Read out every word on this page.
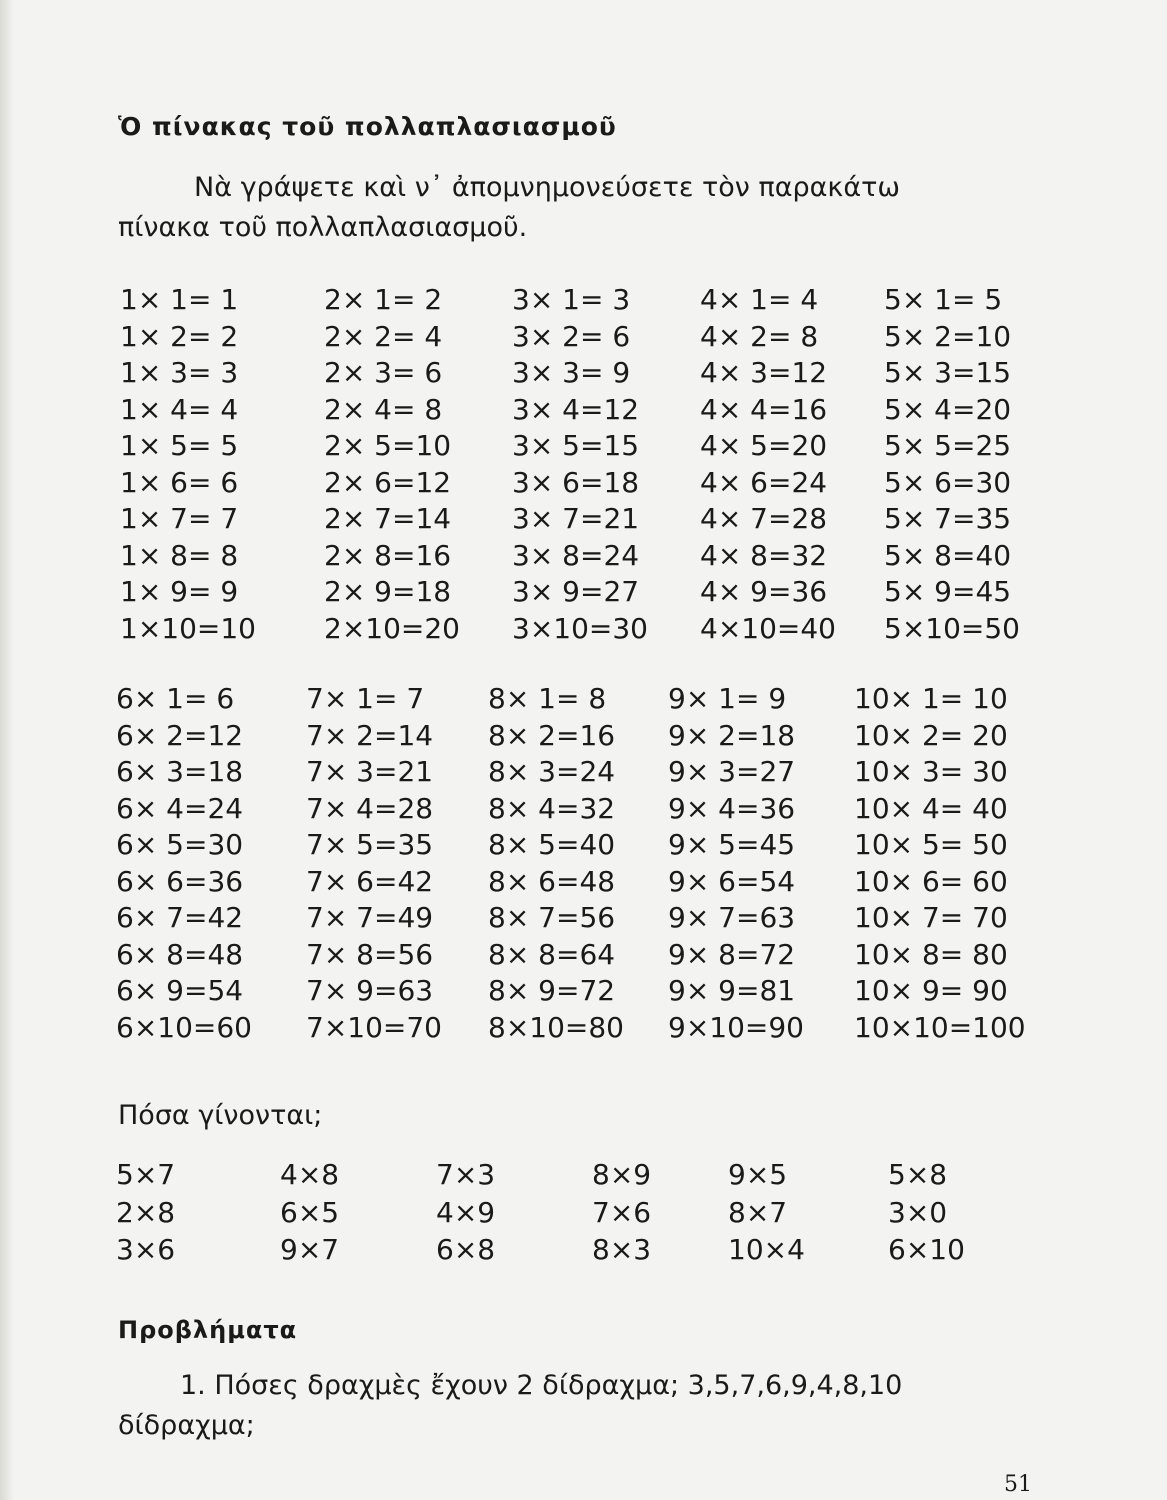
Ὁ πίνακας τοῦ πολλαπλασιασμοῦ
Νὰ γράψετε καὶ ν᾿ ἀπομνημονεύσετε τὸν παρακάτω
πίνακα τοῦ πολλαπλασιασμοῦ.
1× 1= 1	2× 1= 2 3× 1= 3 4× 1= 4 5× 1= 5
1× 2= 2	2× 2= 4 3× 2= 6 4× 2= 8 5× 2=10
1× 3= 3	2× 3= 6 3× 3= 9 4× 3=12 5× 3=15
1× 4= 4	2× 4= 8 3× 4=12 4× 4=16 5× 4=20
1× 5= 5	2× 5=10 3× 5=15 4× 5=20 5× 5=25
1× 6= 6	2× 6=12 3× 6=18 4× 6=24 5× 6=30
1× 7= 7	2× 7=14 3× 7=21 4× 7=28 5× 7=35
1× 8= 8	2× 8=16 3× 8=24 4× 8=32 5× 8=40
1× 9= 9	2× 9=18 3× 9=27 4× 9=36 5× 9=45
1×10=10 2×10=20 3×10=30 4×10=40 5×10=50
6× 1= 6	7× 1= 7 8× 1= 8 9× 1= 9 10× 1= 10
6× 2=12 7× 2=14 8× 2=16 9× 2=18 10× 2= 20
6× 3=18 7× 3=21 8× 3=24 9× 3=27 10× 3= 30
6× 4=24 7× 4=28 8× 4=32 9× 4=36 10× 4= 40
6× 5=30 7× 5=35 8× 5=40 9× 5=45 10× 5= 50
6× 6=36 7× 6=42 8× 6=48 9× 6=54 10× 6= 60
6× 7=42 7× 7=49 8× 7=56 9× 7=63 10× 7= 70
6× 8=48 7× 8=56 8× 8=64 9× 8=72 10× 8= 80
6× 9=54 7× 9=63 8× 9=72 9× 9=81 10× 9= 90
6×10=60 7×10=70 8×10=80 9×10=90 10×10=100
Πόσα γίνονται;
5×7	4×8	7×3	8×9	9×5	5×8
2×8	6×5	4×9	7×6	8×7	3×0
3×6	9×7	6×8	8×3	10×4	6×10
Προβλήματα
1. Πόσες δραχμὲς ἔχουν 2 δίδραχμα; 3,5,7,6,9,4,8,10
δίδραχμα;
51
